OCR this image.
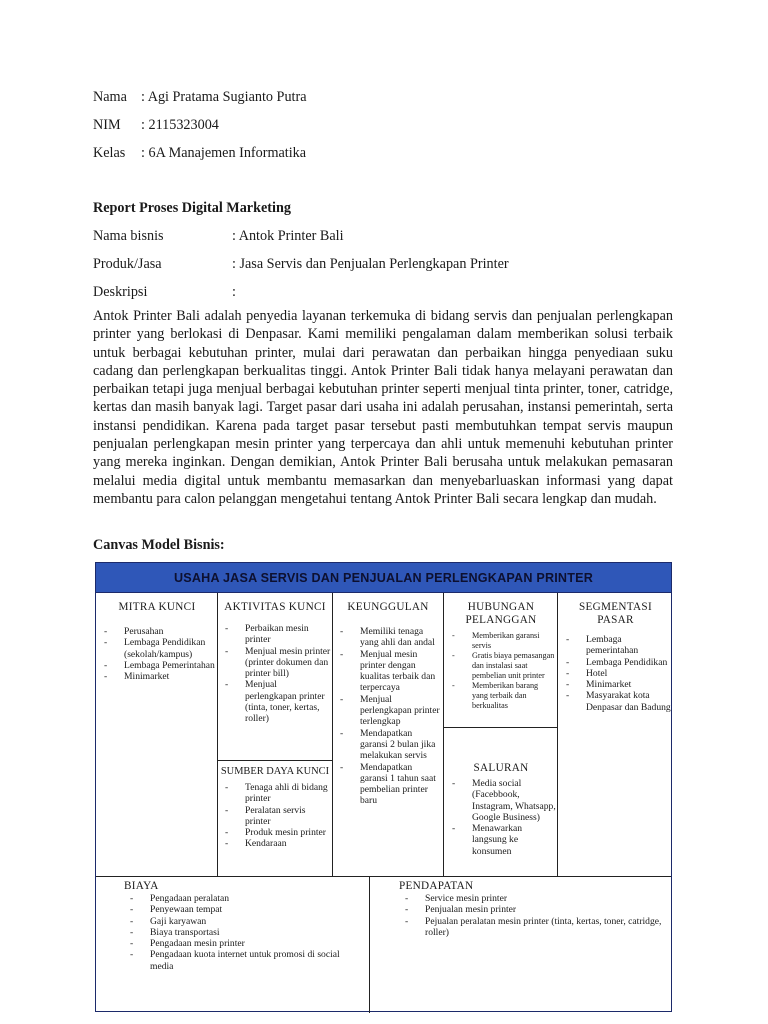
Nama : Agi Pratama Sugianto Putra
NIM : 2115323004
Kelas : 6A Manajemen Informatika
Report Proses Digital Marketing
Nama bisnis	: Antok Printer Bali
Produk/Jasa	: Jasa Servis dan Penjualan Perlengkapan Printer
Deskripsi	:
Antok Printer Bali adalah penyedia layanan terkemuka di bidang servis dan penjualan perlengkapan printer yang berlokasi di Denpasar. Kami memiliki pengalaman dalam memberikan solusi terbaik untuk berbagai kebutuhan printer, mulai dari perawatan dan perbaikan hingga penyediaan suku cadang dan perlengkapan berkualitas tinggi. Antok Printer Bali tidak hanya melayani perawatan dan perbaikan tetapi juga menjual berbagai kebutuhan printer seperti menjual tinta printer, toner, catridge, kertas dan masih banyak lagi. Target pasar dari usaha ini adalah perusahan, instansi pemerintah, serta instansi pendidikan. Karena pada target pasar tersebut pasti membutuhkan tempat servis maupun penjualan perlengkapan mesin printer yang terpercaya dan ahli untuk memenuhi kebutuhan printer yang mereka inginkan. Dengan demikian, Antok Printer Bali berusaha untuk melakukan pemasaran melalui media digital untuk membantu memasarkan dan menyebarluaskan informasi yang dapat membantu para calon pelanggan mengetahui tentang Antok Printer Bali secara lengkap dan mudah.
Canvas Model Bisnis:
USAHA JASA SERVIS DAN PENJUALAN PERLENGKAPAN PRINTER
MITRA KUNCI
- Perusahan
- Lembaga Pendidikan (sekolah/kampus)
- Lembaga Pemerintahan
- Minimarket
AKTIVITAS KUNCI
- Perbaikan mesin printer
- Menjual mesin printer (printer dokumen dan printer bill)
- Menjual perlengkapan printer (tinta, toner, kertas, roller)
SUMBER DAYA KUNCI
- Tenaga ahli di bidang printer
- Peralatan servis printer
- Produk mesin printer
- Kendaraan
KEUNGGULAN
- Memiliki tenaga yang ahli dan andal
- Menjual mesin printer dengan kualitas terbaik dan terpercaya
- Menjual perlengkapan printer terlengkap
- Mendapatkan garansi 2 bulan jika melakukan servis
- Mendapatkan garansi 1 tahun saat pembelian printer baru
HUBUNGAN PELANGGAN
- Memberikan garansi servis
- Gratis biaya pemasangan dan instalasi saat pembelian unit printer
- Memberikan barang yang terbaik dan berkualitas
SALURAN
- Media social (Facebbook, Instagram, Whatsapp, Google Business)
- Menawarkan langsung ke konsumen
SEGMENTASI PASAR
- Lembaga pemerintahan
- Lembaga Pendidikan
- Hotel
- Minimarket
- Masyarakat kota Denpasar dan Badung
BIAYA
- Pengadaan peralatan
- Penyewaan tempat
- Gaji karyawan
- Biaya transportasi
- Pengadaan mesin printer
- Pengadaan kuota internet untuk promosi di social media
PENDAPATAN
- Service mesin printer
- Penjualan mesin printer
- Pejualan peralatan mesin printer (tinta, kertas, toner, catridge, roller)
